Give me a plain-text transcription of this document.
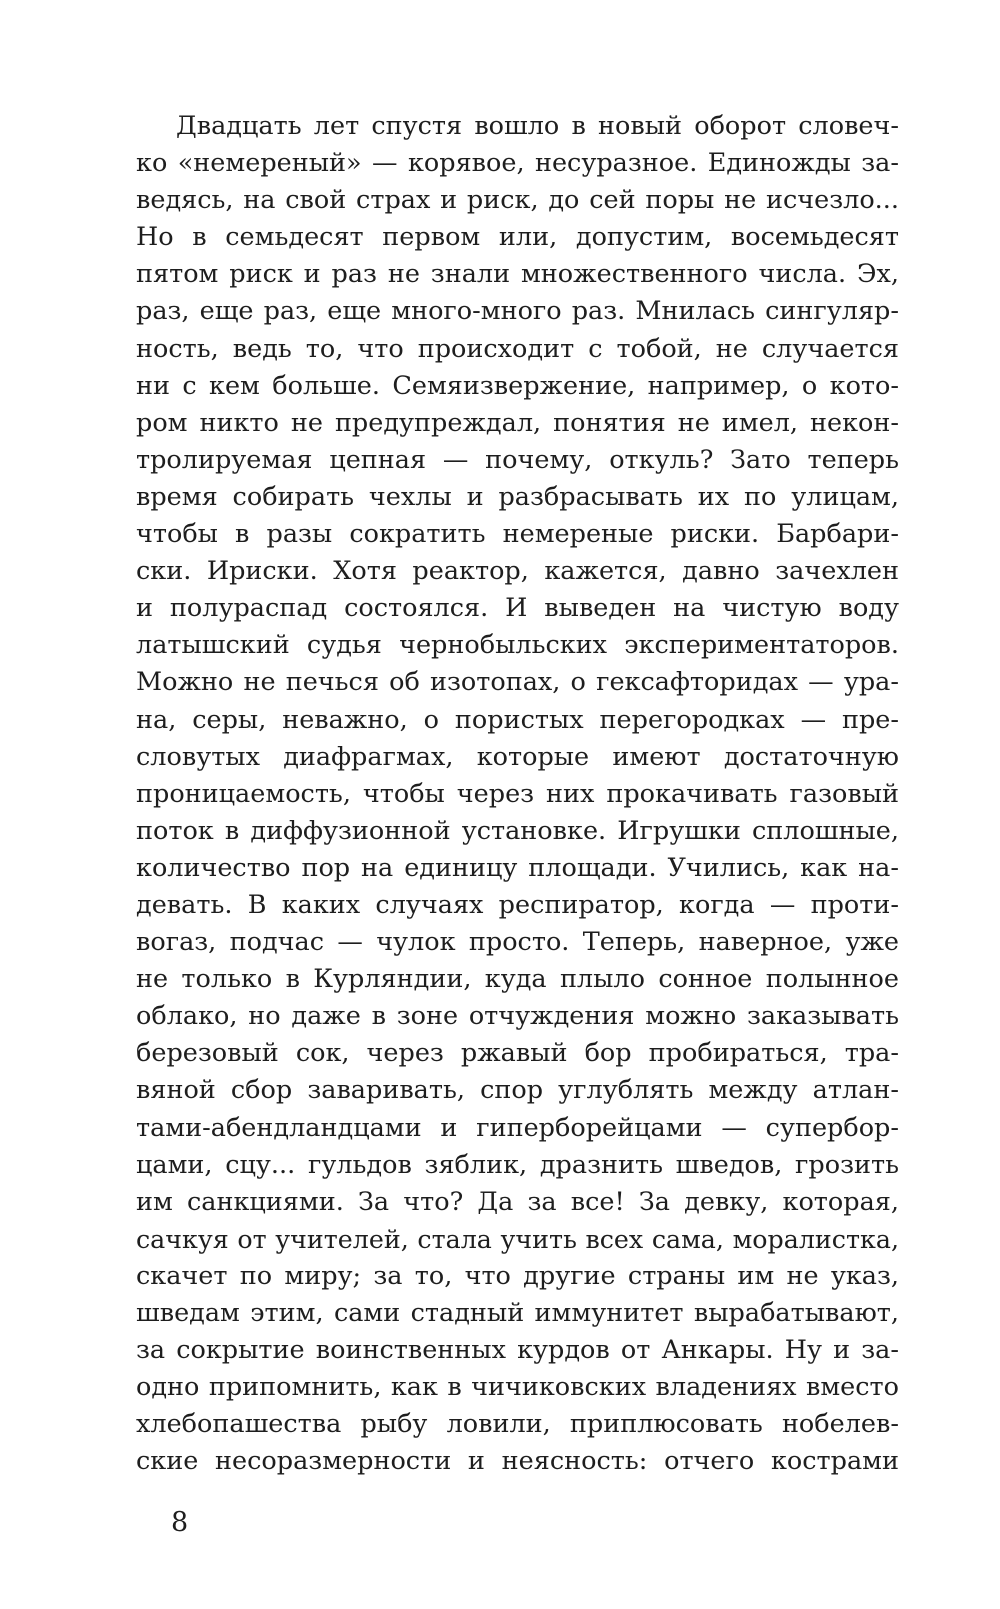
Двадцать лет спустя вошло в новый оборот словеч-
ко «немереный» — корявое, несуразное. Единожды за-
ведясь, на свой страх и риск, до сей поры не исчезло...
Но в семьдесят первом или, допустим, восемьдесят
пятом риск и раз не знали множественного числа. Эх,
раз, еще раз, еще много-много раз. Мнилась сингуляр-
ность, ведь то, что происходит с тобой, не случается
ни с кем больше. Семяизвержение, например, о кото-
ром никто не предупреждал, понятия не имел, некон-
тролируемая цепная — почему, откуль? Зато теперь
время собирать чехлы и разбрасывать их по улицам,
чтобы в разы сократить немереные риски. Барбари-
ски. Ириски. Хотя реактор, кажется, давно зачехлен
и полураспад состоялся. И выведен на чистую воду
латышский судья чернобыльских экспериментаторов.
Можно не печься об изотопах, о гексафторидах — ура-
на, серы, неважно, о пористых перегородках — пре-
словутых диафрагмах, которые имеют достаточную
проницаемость, чтобы через них прокачивать газовый
поток в диффузионной установке. Игрушки сплошные,
количество пор на единицу площади. Учились, как на-
девать. В каких случаях респиратор, когда — проти-
вогаз, подчас — чулок просто. Теперь, наверное, уже
не только в Курляндии, куда плыло сонное полынное
облако, но даже в зоне отчуждения можно заказывать
березовый сок, через ржавый бор пробираться, тра-
вяной сбор заваривать, спор углублять между атлан-
тами-абендландцами и гиперборейцами — супербор-
цами, сцу... гульдов зяблик, дразнить шведов, грозить
им санкциями. За что? Да за все! За девку, которая,
сачкуя от учителей, стала учить всех сама, моралистка,
скачет по миру; за то, что другие страны им не указ,
шведам этим, сами стадный иммунитет вырабатывают,
за сокрытие воинственных курдов от Анкары. Ну и за-
одно припомнить, как в чичиковских владениях вместо
хлебопашества рыбу ловили, приплюсовать нобелев-
ские несоразмерности и неясность: отчего кострами
8
